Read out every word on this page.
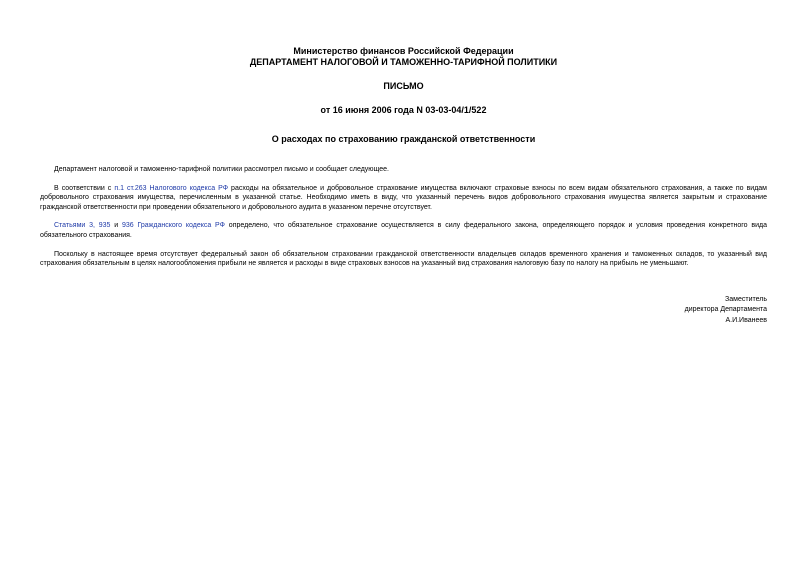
Министерство финансов Российской Федерации
ДЕПАРТАМЕНТ НАЛОГОВОЙ И ТАМОЖЕННО-ТАРИФНОЙ ПОЛИТИКИ
ПИСЬМО
от 16 июня 2006 года N 03-03-04/1/522
О расходах по страхованию гражданской ответственности

Департамент налоговой и таможенно-тарифной политики рассмотрел письмо и сообщает следующее.

В соответствии с п.1 ст.263 Налогового кодекса РФ расходы на обязательное и добровольное страхование имущества включают страховые взносы по всем видам обязательного страхования, а также по видам добровольного страхования имущества, перечисленным в указанной статье. Необходимо иметь в виду, что указанный перечень видов добровольного страхования имущества является закрытым и страхование гражданской ответственности при проведении обязательного и добровольного аудита в указанном перечне отсутствует.

Статьями 3, 935 и 936 Гражданского кодекса РФ определено, что обязательное страхование осуществляется в силу федерального закона, определяющего порядок и условия проведения конкретного вида обязательного страхования.

Поскольку в настоящее время отсутствует федеральный закон об обязательном страховании гражданской ответственности владельцев складов временного хранения и таможенных складов, то указанный вид страхования обязательным в целях налогообложения прибыли не является и расходы в виде страховых взносов на указанный вид страхования налоговую базу по налогу на прибыль не уменьшают.

Заместитель
директора Департамента
А.И.Иванеев
